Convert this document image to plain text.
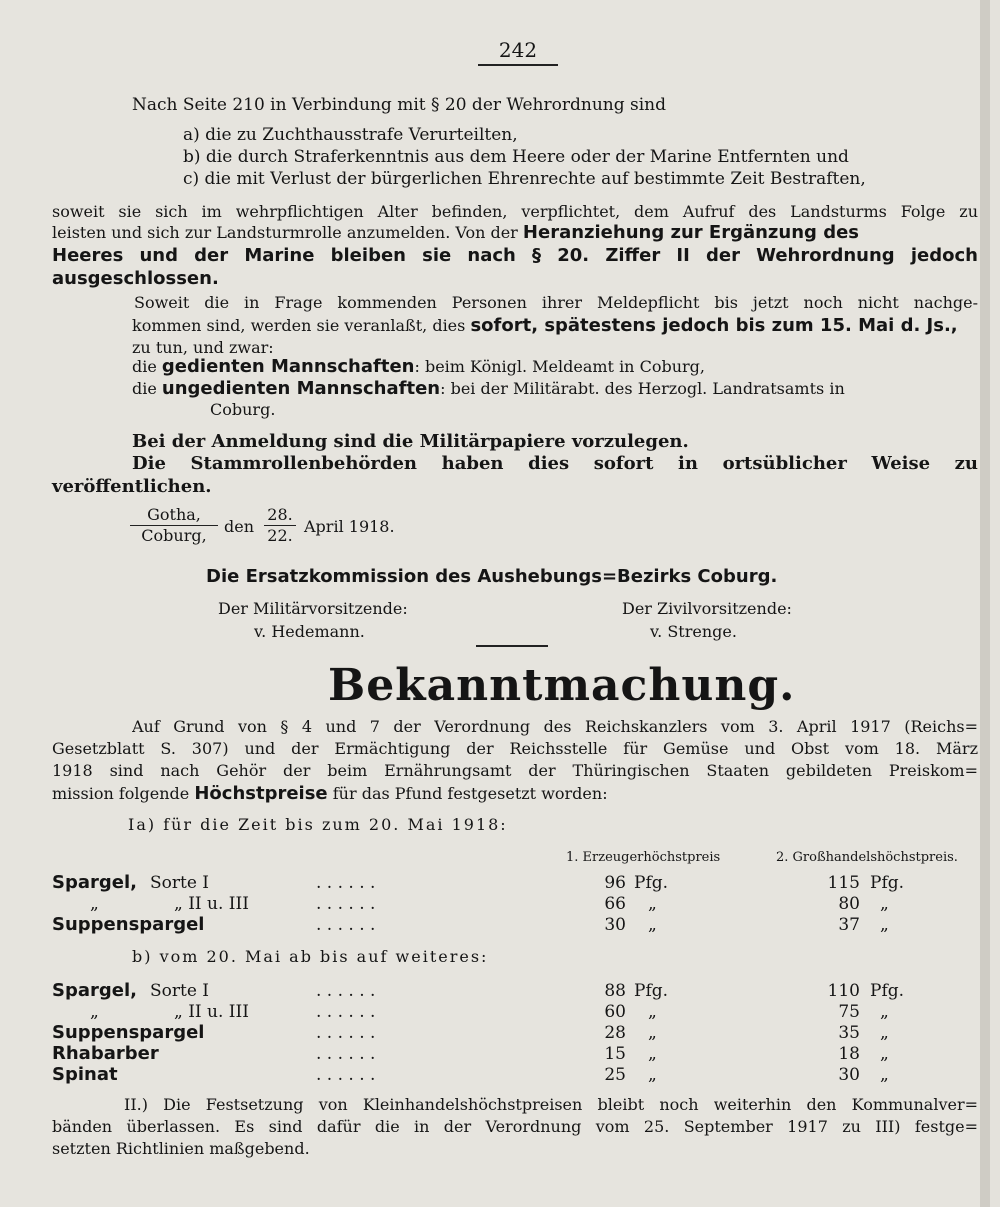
242
Nach Seite 210 in Verbindung mit § 20 der Wehrordnung sind
a) die zu Zuchthausstrafe Verurteilten,
b) die durch Straferkenntnis aus dem Heere oder der Marine Entfernten und
c) die mit Verlust der bürgerlichen Ehrenrechte auf bestimmte Zeit Bestraften,
soweit sie sich im wehrpflichtigen Alter befinden, verpflichtet, dem Aufruf des Landsturms Folge zu
leisten und sich zur Landsturmrolle anzumelden. Von der Heranziehung zur Ergänzung des
Heeres und der Marine bleiben sie nach § 20. Ziffer II der Wehrordnung jedoch
ausgeschlossen.
Soweit die in Frage kommenden Personen ihrer Meldepflicht bis jetzt noch nicht nachge-
kommen sind, werden sie veranlaßt, dies sofort, spätestens jedoch bis zum 15. Mai d. Js.,
zu tun, und zwar:
die gedienten Mannschaften: beim Königl. Meldeamt in Coburg,
die ungedienten Mannschaften: bei der Militärabt. des Herzogl. Landratsamts in
Coburg.
Bei der Anmeldung sind die Militärpapiere vorzulegen.
Die Stammrollenbehörden haben dies sofort in ortsüblicher Weise zu
veröffentlichen.
Gotha,
Coburg,	den $\frac{28.}{22.}$ April 1918.
Die Ersatzkommission des Aushebungs=Bezirks Coburg.
Der Militärvorsitzende:
v. Hedemann.
Der Zivilvorsitzende:
v. Strenge.
Bekanntmachung.
Auf Grund von § 4 und 7 der Verordnung des Reichskanzlers vom 3. April 1917 (Reichs=
Gesetzblatt S. 307) und der Ermächtigung der Reichsstelle für Gemüse und Obst vom 18. März
1918 sind nach Gehör der beim Ernährungsamt der Thüringischen Staaten gebildeten Preiskom=
mission folgende Höchstpreise für das Pfund festgesetzt worden:
Ia) für die Zeit bis zum 20. Mai 1918:
1. Erzeugerhöchstpreis	2. Großhandelshöchstpreis.
Spargel, Sorte I	. . . . . .	96 Pfg.	115 Pfg.
„	„ II u. III	. . . . . .	66 „	80 „
Suppenspargel	. . . . . .	30 „	37 „
b) vom 20. Mai ab bis auf weiteres:
Spargel, Sorte I	. . . . . .	88 Pfg.	110 Pfg.
„	„ II u. III	. . . . . .	60 „	75 „
Suppenspargel	. . . . . .	28 „	35 „
Rhabarber	. . . . . .	15 „	18 „
Spinat	. . . . . .	25 „	30 „
II.) Die Festsetzung von Kleinhandelshöchstpreisen bleibt noch weiterhin den Kommunalver=
bänden überlassen. Es sind dafür die in der Verordnung vom 25. September 1917 zu III) festge=
setzten Richtlinien maßgebend.
